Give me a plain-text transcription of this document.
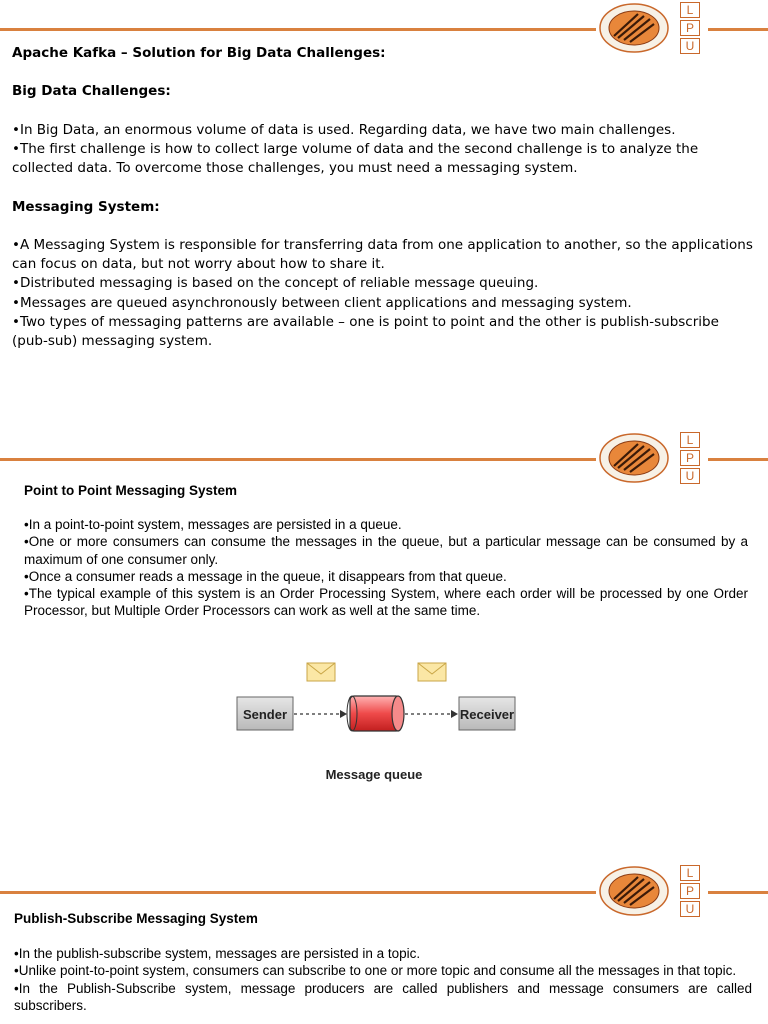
L
P
U
Apache Kafka – Solution for Big Data Challenges:
Big Data Challenges:

•In Big Data, an enormous volume of data is used. Regarding data, we have two main challenges.

•The first challenge is how to collect large volume of data and the second challenge is to analyze the collected data. To overcome those challenges, you must need a messaging system.

Messaging System:

•A Messaging System is responsible for transferring data from one application to another, so the applications can focus on data, but not worry about how to share it.

•Distributed messaging is based on the concept of reliable message queuing.

•Messages are queued asynchronously between client applications and messaging system.

•Two types of messaging patterns are available – one is point to point and the other is publish-subscribe (pub-sub) messaging system.

L
P
U
Point to Point Messaging System

•In a point-to-point system, messages are persisted in a queue.

•One or more consumers can consume the messages in the queue, but a particular message can be consumed by a maximum of one consumer only.

•Once a consumer reads a message in the queue, it disappears from that queue.

•The typical example of this system is an Order Processing System, where each order will be processed by one Order Processor, but Multiple Order Processors can work as well at the same time.

Sender	Receiver
Message queue
L
P
U
Publish-Subscribe Messaging System

•In the publish-subscribe system, messages are persisted in a topic.

•Unlike point-to-point system, consumers can subscribe to one or more topic and consume all the messages in that topic.

•In the Publish-Subscribe system, message producers are called publishers and message consumers are called subscribers.
